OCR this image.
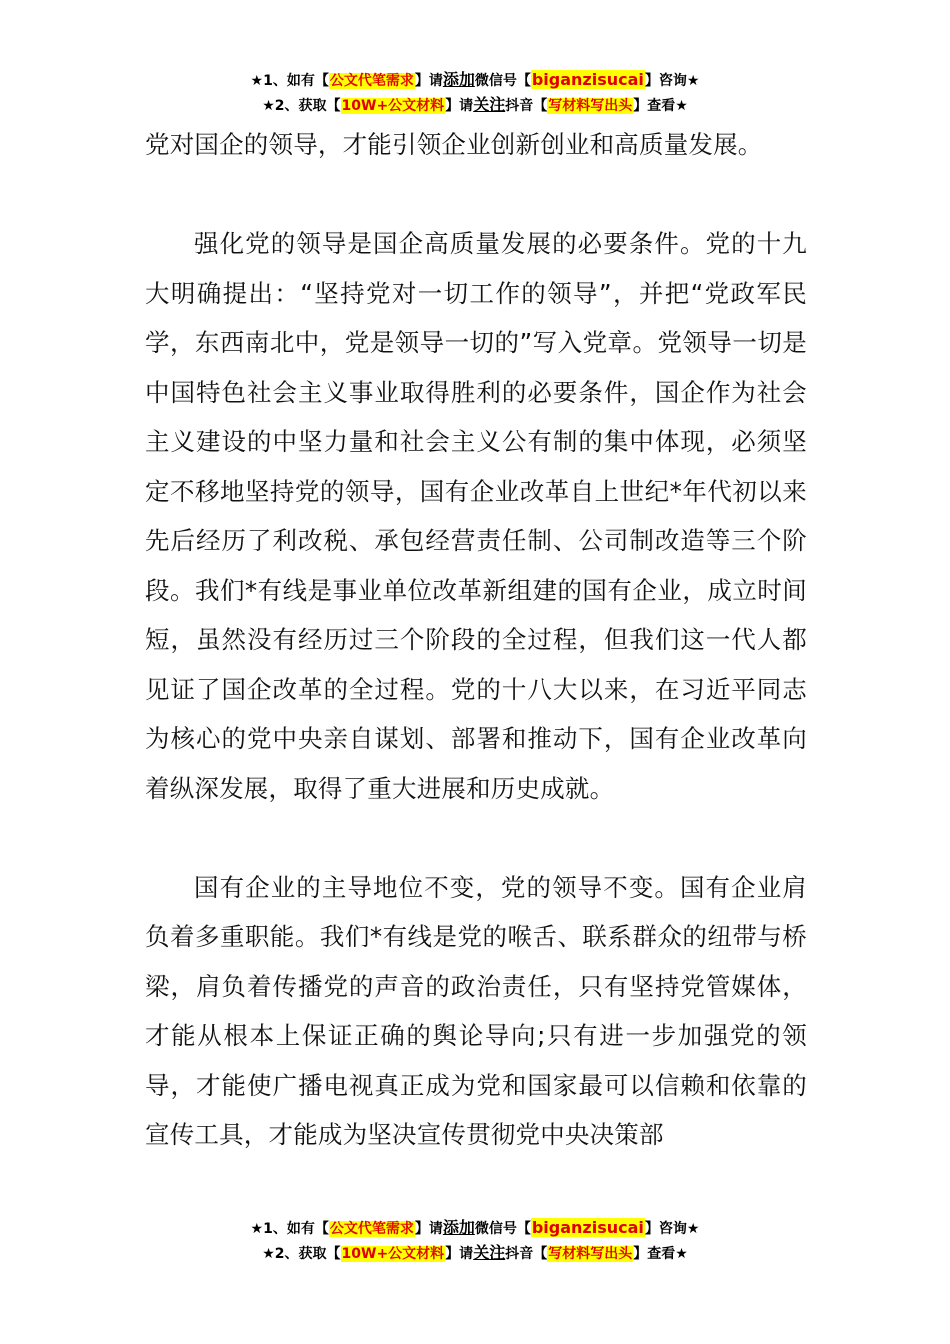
★1、如有【公文代笔需求】请添加微信号【biganzisucai】咨询★
★2、获取【10W+公文材料】请关注抖音【写材料写出头】查看★

党对国企的领导，才能引领企业创新创业和高质量发展。

强化党的领导是国企高质量发展的必要条件。党的十九大明确提出：“坚持党对一切工作的领导”，并把“党政军民学，东西南北中，党是领导一切的”写入党章。党领导一切是中国特色社会主义事业取得胜利的必要条件，国企作为社会主义建设的中坚力量和社会主义公有制的集中体现，必须坚定不移地坚持党的领导，国有企业改革自上世纪*年代初以来先后经历了利改税、承包经营责任制、公司制改造等三个阶段。我们*有线是事业单位改革新组建的国有企业，成立时间短，虽然没有经历过三个阶段的全过程，但我们这一代人都见证了国企改革的全过程。党的十八大以来，在习近平同志为核心的党中央亲自谋划、部署和推动下，国有企业改革向着纵深发展，取得了重大进展和历史成就。

国有企业的主导地位不变，党的领导不变。国有企业肩负着多重职能。我们*有线是党的喉舌、联系群众的纽带与桥梁，肩负着传播党的声音的政治责任，只有坚持党管媒体，才能从根本上保证正确的舆论导向;只有进一步加强党的领导，才能使广播电视真正成为党和国家最可以信赖和依靠的宣传工具，才能成为坚决宣传贯彻党中央决策部

★1、如有【公文代笔需求】请添加微信号【biganzisucai】咨询★
★2、获取【10W+公文材料】请关注抖音【写材料写出头】查看★
